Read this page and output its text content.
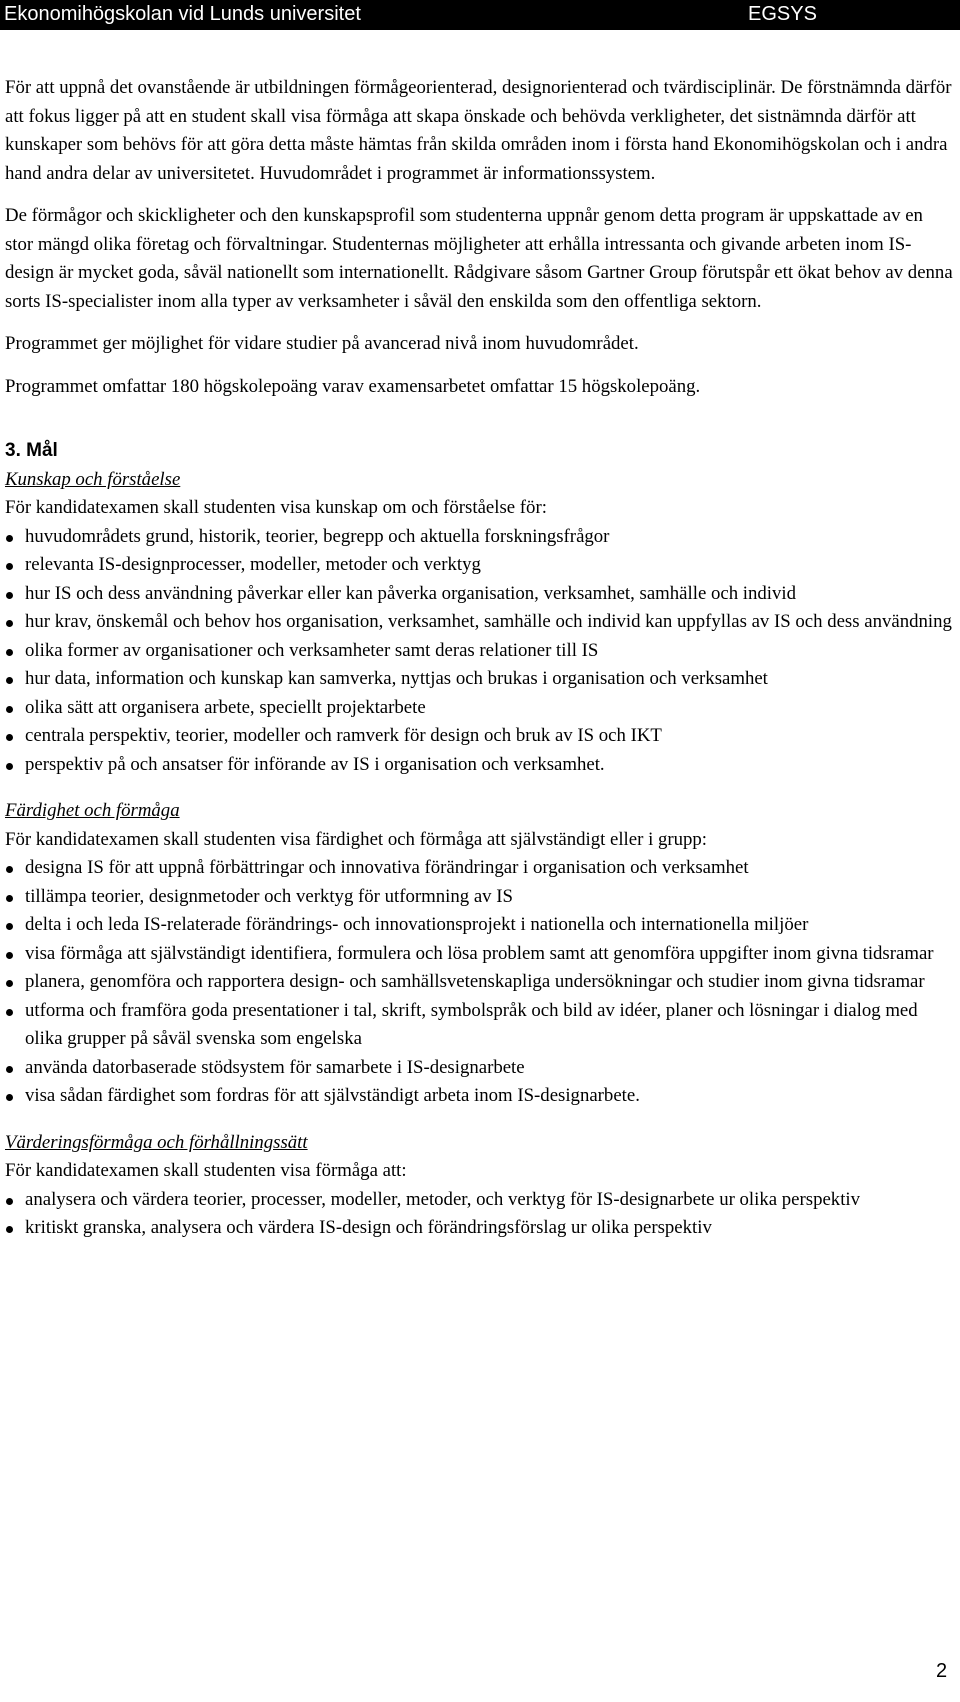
Ekonomihögskolan vid Lunds universitet	EGSYS

För att uppnå det ovanstående är utbildningen förmågeorienterad, designorienterad och tvärdisciplinär. De förstnämnda därför att fokus ligger på att en student skall visa förmåga att skapa önskade och behövda verkligheter, det sistnämnda därför att kunskaper som behövs för att göra detta måste hämtas från skilda områden inom i första hand Ekonomihögskolan och i andra hand andra delar av universitetet. Huvudområdet i programmet är informationssystem.

De förmågor och skickligheter och den kunskapsprofil som studenterna uppnår genom detta program är uppskattade av en stor mängd olika företag och förvaltningar. Studenternas möjligheter att erhålla intressanta och givande arbeten inom IS-design är mycket goda, såväl nationellt som internationellt. Rådgivare såsom Gartner Group förutspår ett ökat behov av denna sorts IS-specialister inom alla typer av verksamheter i såväl den enskilda som den offentliga sektorn.

Programmet ger möjlighet för vidare studier på avancerad nivå inom huvudområdet.

Programmet omfattar 180 högskolepoäng varav examensarbetet omfattar 15 högskolepoäng.

3. Mål

Kunskap och förståelse

För kandidatexamen skall studenten visa kunskap om och förståelse för:

huvudområdets grund, historik, teorier, begrepp och aktuella forskningsfrågor
relevanta IS-designprocesser, modeller, metoder och verktyg
hur IS och dess användning påverkar eller kan påverka organisation, verksamhet, samhälle och individ
hur krav, önskemål och behov hos organisation, verksamhet, samhälle och individ kan uppfyllas av IS och dess användning
olika former av organisationer och verksamheter samt deras relationer till IS
hur data, information och kunskap kan samverka, nyttjas och brukas i organisation och verksamhet
olika sätt att organisera arbete, speciellt projektarbete
centrala perspektiv, teorier, modeller och ramverk för design och bruk av IS och IKT
perspektiv på och ansatser för införande av IS i organisation och verksamhet.

Färdighet och förmåga

För kandidatexamen skall studenten visa färdighet och förmåga att självständigt eller i grupp:

designa IS för att uppnå förbättringar och innovativa förändringar i organisation och verksamhet
tillämpa teorier, designmetoder och verktyg för utformning av IS
delta i och leda IS-relaterade förändrings- och innovationsprojekt i nationella och internationella miljöer
visa förmåga att självständigt identifiera, formulera och lösa problem samt att genomföra uppgifter inom givna tidsramar
planera, genomföra och rapportera design- och samhällsvetenskapliga undersökningar och studier inom givna tidsramar
utforma och framföra goda presentationer i tal, skrift, symbolspråk och bild av idéer, planer och lösningar i dialog med olika grupper på såväl svenska som engelska
använda datorbaserade stödsystem för samarbete i IS-designarbete
visa sådan färdighet som fordras för att självständigt arbeta inom IS-designarbete.

Värderingsförmåga och förhållningssätt

För kandidatexamen skall studenten visa förmåga att:

analysera och värdera teorier, processer, modeller, metoder, och verktyg för IS-designarbete ur olika perspektiv
kritiskt granska, analysera och värdera IS-design och förändringsförslag ur olika perspektiv
2
